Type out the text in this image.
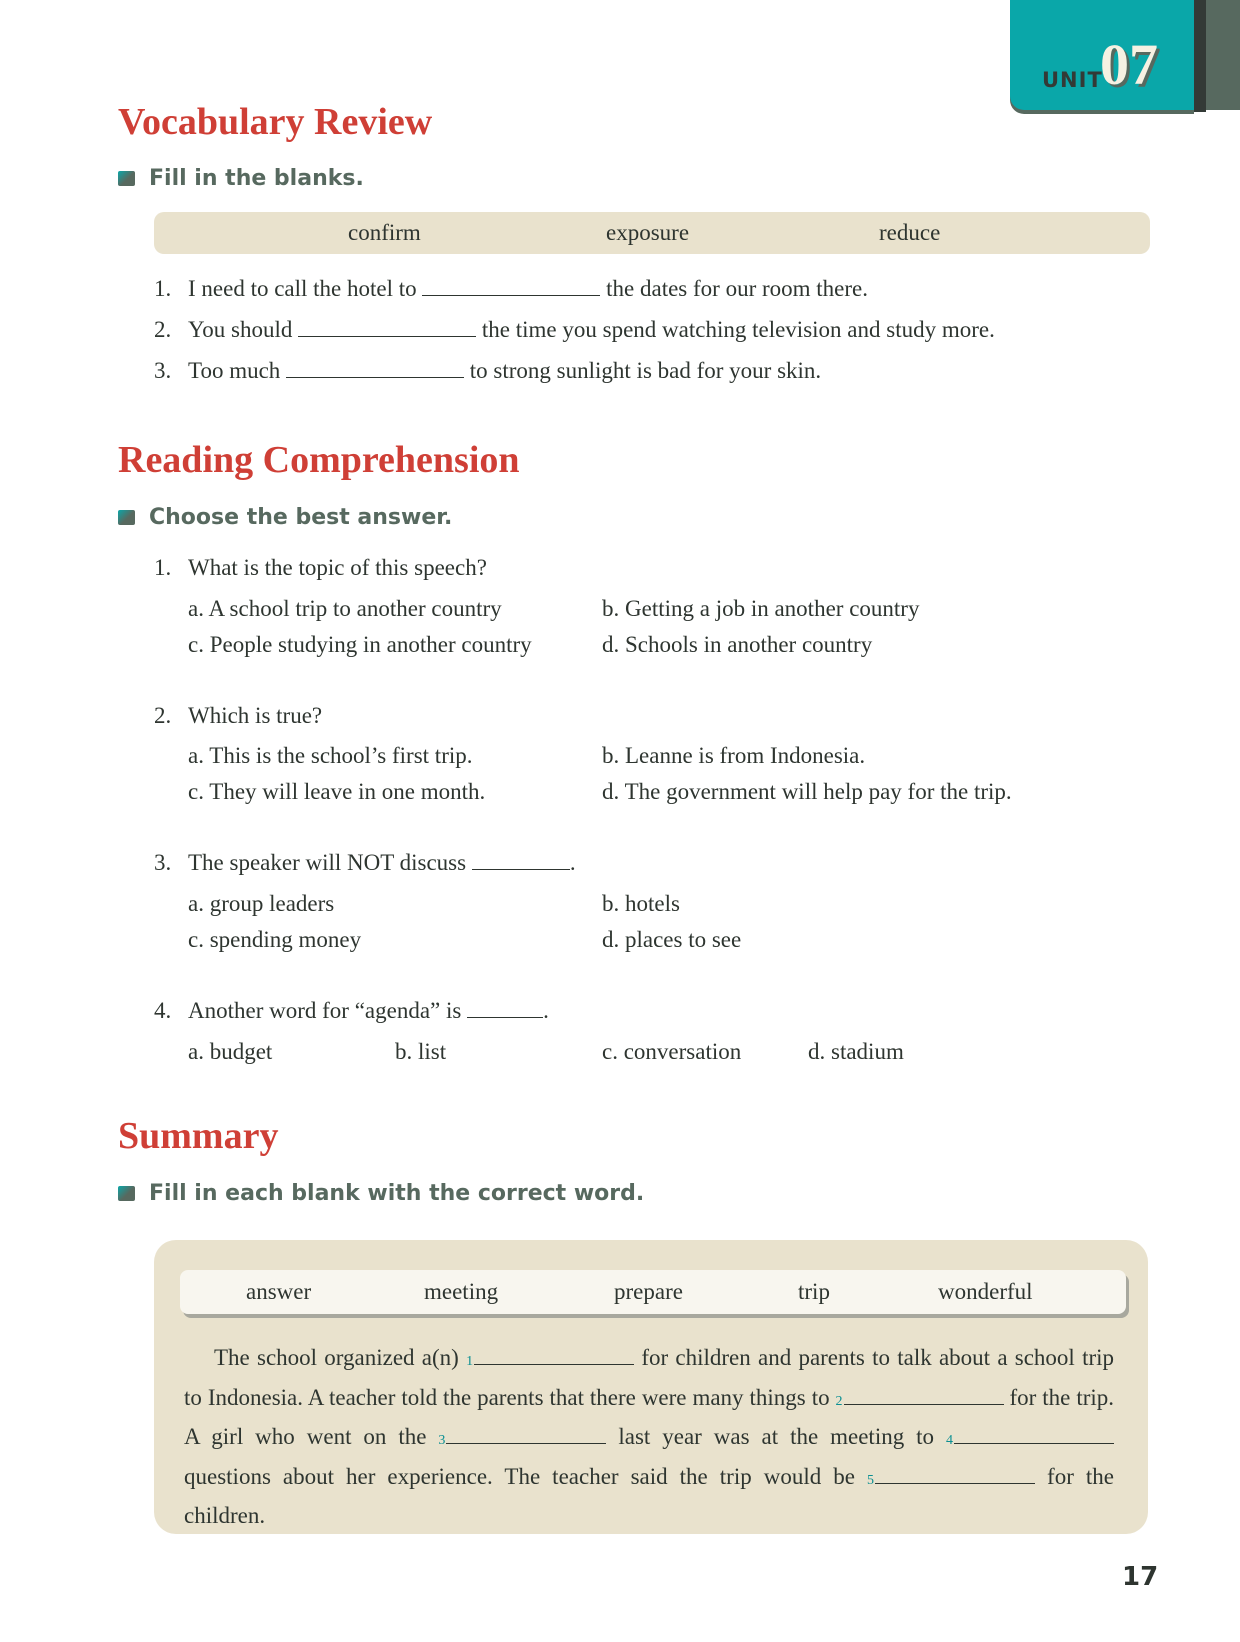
UNIT
07
Vocabulary Review
Fill in the blanks.
confirm	exposure	reduce
1. I need to call the hotel to	the dates for our room there.
2. You should	the time you spend watching television and study more.
3. Too much	to strong sunlight is bad for your skin.
Reading Comprehension
Choose the best answer.
1. What is the topic of this speech?
a. A school trip to another country	b. Getting a job in another country
c. People studying in another country	d. Schools in another country
2. Which is true?
a. This is the school’s first trip.	b. Leanne is from Indonesia.
c. They will leave in one month.	d. The government will help pay for the trip.
3. The speaker will NOT discuss	.
a. group leaders	b. hotels
c. spending money	d. places to see
4. Another word for “agenda” is	.
a. budget	b. list	c. conversation	d. stadium
Summary
Fill in each blank with the correct word.
answer	meeting	prepare	trip	wonderful
The school organized a(n) 1	for children and parents to talk about a school trip to Indonesia. A teacher told the parents that there were many things to 2	for the trip. A girl who went on the 3	last year was at the meeting to 4 questions about her experience. The teacher said the trip would be 5	for the children.
17
